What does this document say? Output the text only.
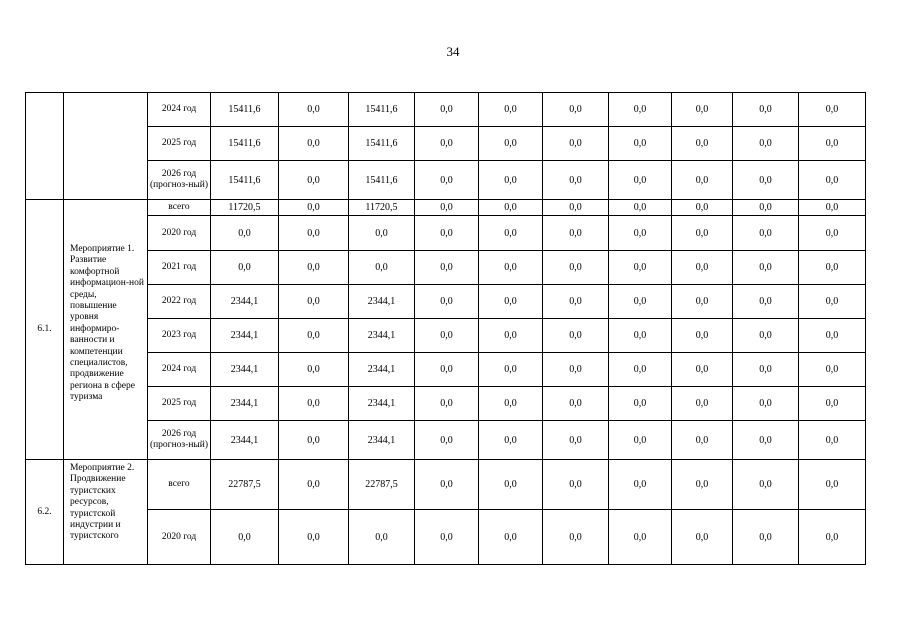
34
		2024 год	15411,6	0,0	15411,6	0,0	0,0	0,0	0,0	0,0	0,0	0,0
		2025 год	15411,6	0,0	15411,6	0,0	0,0	0,0	0,0	0,0	0,0	0,0
		2026 год (прогноз-ный)	15411,6	0,0	15411,6	0,0	0,0	0,0	0,0	0,0	0,0	0,0
6.1.	Мероприятие 1. Развитие комфортной информацион-ной среды, повышение уровня информиро-ванности и компетенции специалистов, продвижение региона в сфере туризма	всего	11720,5	0,0	11720,5	0,0	0,0	0,0	0,0	0,0	0,0	0,0
		2020 год	0,0	0,0	0,0	0,0	0,0	0,0	0,0	0,0	0,0	0,0
		2021 год	0,0	0,0	0,0	0,0	0,0	0,0	0,0	0,0	0,0	0,0
		2022 год	2344,1	0,0	2344,1	0,0	0,0	0,0	0,0	0,0	0,0	0,0
		2023 год	2344,1	0,0	2344,1	0,0	0,0	0,0	0,0	0,0	0,0	0,0
		2024 год	2344,1	0,0	2344,1	0,0	0,0	0,0	0,0	0,0	0,0	0,0
		2025 год	2344,1	0,0	2344,1	0,0	0,0	0,0	0,0	0,0	0,0	0,0
		2026 год (прогноз-ный)	2344,1	0,0	2344,1	0,0	0,0	0,0	0,0	0,0	0,0	0,0
6.2.	Мероприятие 2. Продвижение туристских ресурсов, туристской индустрии и туристского	всего	22787,5	0,0	22787,5	0,0	0,0	0,0	0,0	0,0	0,0	0,0
		2020 год	0,0	0,0	0,0	0,0	0,0	0,0	0,0	0,0	0,0	0,0
